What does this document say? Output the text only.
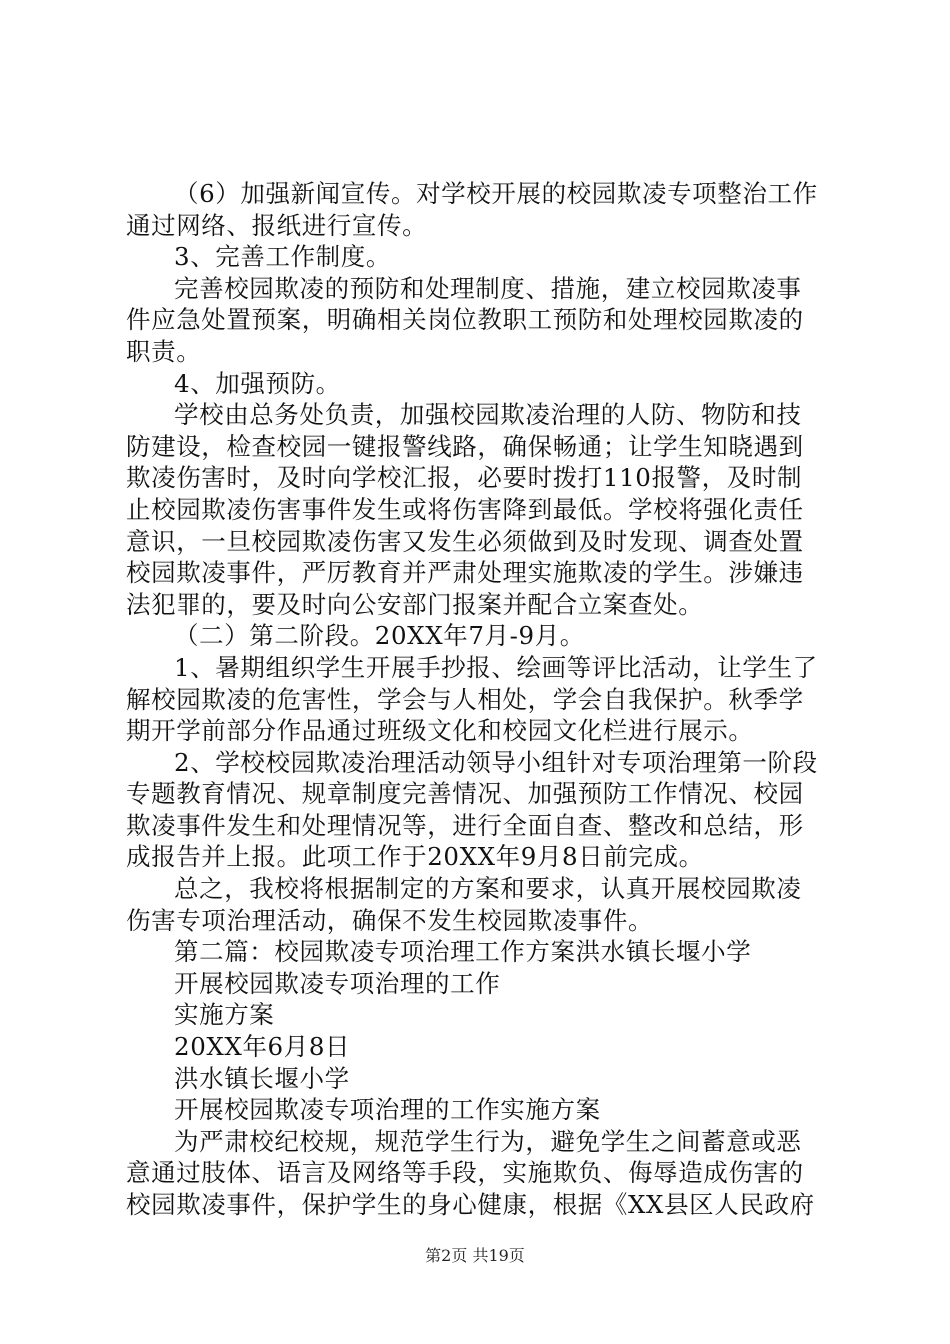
（6）加强新闻宣传。对学校开展的校园欺凌专项整治工作
通过网络、报纸进行宣传。
3、完善工作制度。
完善校园欺凌的预防和处理制度、措施，建立校园欺凌事
件应急处置预案，明确相关岗位教职工预防和处理校园欺凌的
职责。
4、加强预防。
学校由总务处负责，加强校园欺凌治理的人防、物防和技
防建设，检查校园一键报警线路，确保畅通；让学生知晓遇到
欺凌伤害时，及时向学校汇报，必要时拨打110报警，及时制
止校园欺凌伤害事件发生或将伤害降到最低。学校将强化责任
意识，一旦校园欺凌伤害又发生必须做到及时发现、调查处置
校园欺凌事件，严厉教育并严肃处理实施欺凌的学生。涉嫌违
法犯罪的，要及时向公安部门报案并配合立案查处。
（二）第二阶段。20XX年7月-9月。
1、暑期组织学生开展手抄报、绘画等评比活动，让学生了
解校园欺凌的危害性，学会与人相处，学会自我保护。秋季学
期开学前部分作品通过班级文化和校园文化栏进行展示。
2、学校校园欺凌治理活动领导小组针对专项治理第一阶段
专题教育情况、规章制度完善情况、加强预防工作情况、校园
欺凌事件发生和处理情况等，进行全面自查、整改和总结，形
成报告并上报。此项工作于20XX年9月8日前完成。
总之，我校将根据制定的方案和要求，认真开展校园欺凌
伤害专项治理活动，确保不发生校园欺凌事件。
第二篇：校园欺凌专项治理工作方案洪水镇长堰小学
开展校园欺凌专项治理的工作
实施方案
20XX年6月8日
洪水镇长堰小学
开展校园欺凌专项治理的工作实施方案
为严肃校纪校规，规范学生行为，避免学生之间蓄意或恶
意通过肢体、语言及网络等手段，实施欺负、侮辱造成伤害的
校园欺凌事件，保护学生的身心健康，根据《XX县区人民政府
第2页 共19页
